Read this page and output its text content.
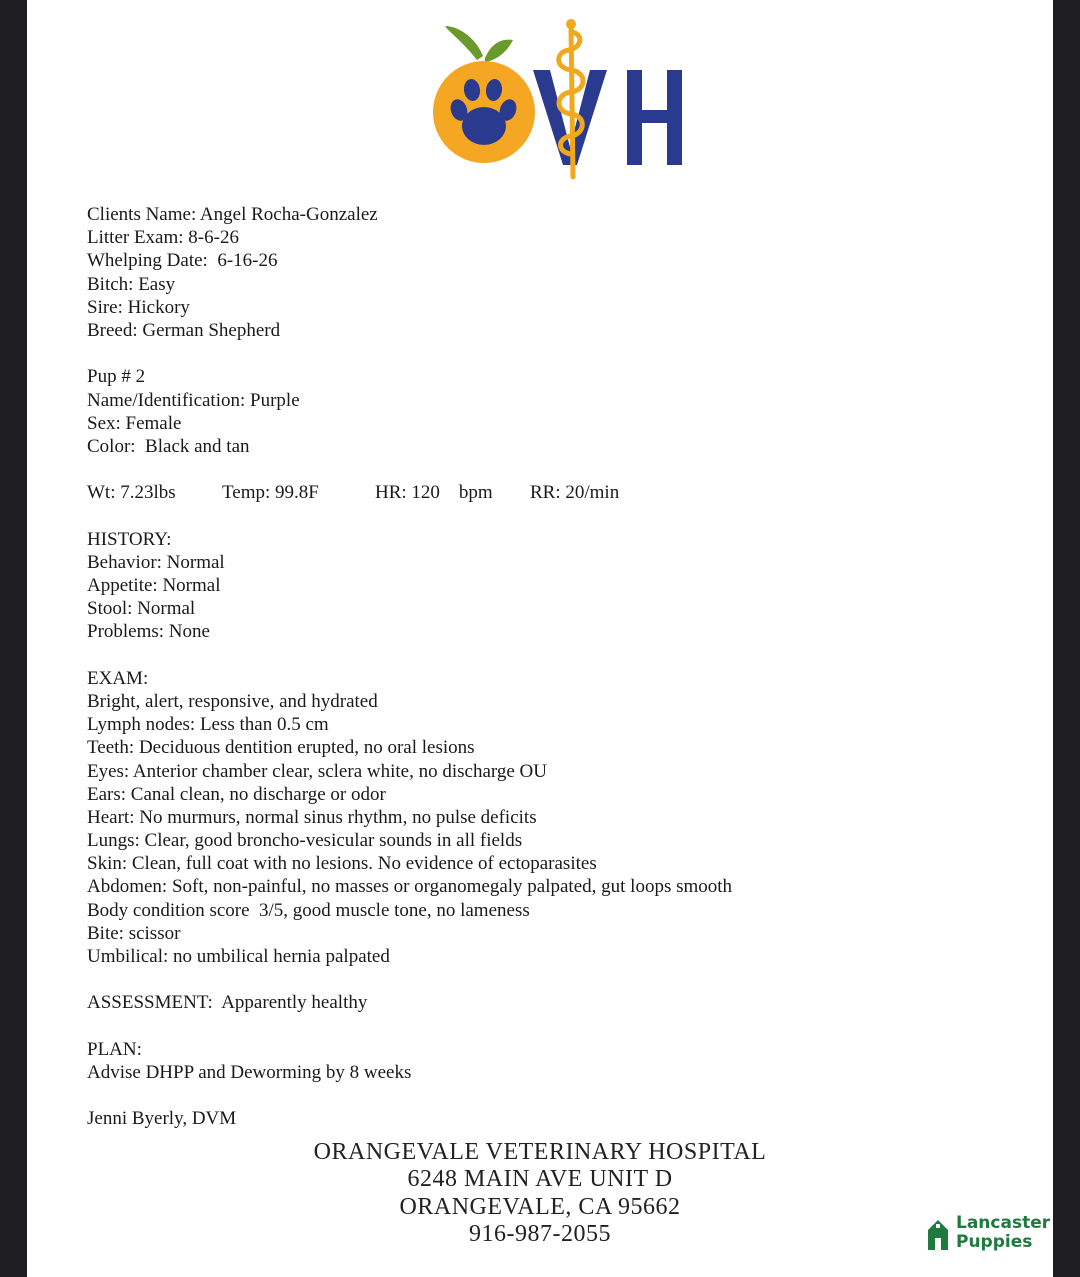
Clients Name: Angel Rocha-Gonzalez
Litter Exam: 8-6-26
Whelping Date:  6-16-26
Bitch: Easy
Sire: Hickory
Breed: German Shepherd
Pup # 2
Name/Identification: Purple
Sex: Female
Color:  Black and tan
Wt: 7.23lbs Temp: 99.8F	HR: 120    bpm RR: 20/min
HISTORY:
Behavior: Normal
Appetite: Normal
Stool: Normal
Problems: None
EXAM:
Bright, alert, responsive, and hydrated
Lymph nodes: Less than 0.5 cm
Teeth: Deciduous dentition erupted, no oral lesions
Eyes: Anterior chamber clear, sclera white, no discharge OU
Ears: Canal clean, no discharge or odor
Heart: No murmurs, normal sinus rhythm, no pulse deficits
Lungs: Clear, good broncho-vesicular sounds in all fields
Skin: Clean, full coat with no lesions. No evidence of ectoparasites
Abdomen: Soft, non-painful, no masses or organomegaly palpated, gut loops smooth
Body condition score  3/5, good muscle tone, no lameness
Bite: scissor
Umbilical: no umbilical hernia palpated
ASSESSMENT:  Apparently healthy
PLAN:
Advise DHPP and Deworming by 8 weeks
Jenni Byerly, DVM
ORANGEVALE VETERINARY HOSPITAL
6248 MAIN AVE UNIT D
ORANGEVALE, CA 95662
916-987-2055	Lancaster
Puppies
